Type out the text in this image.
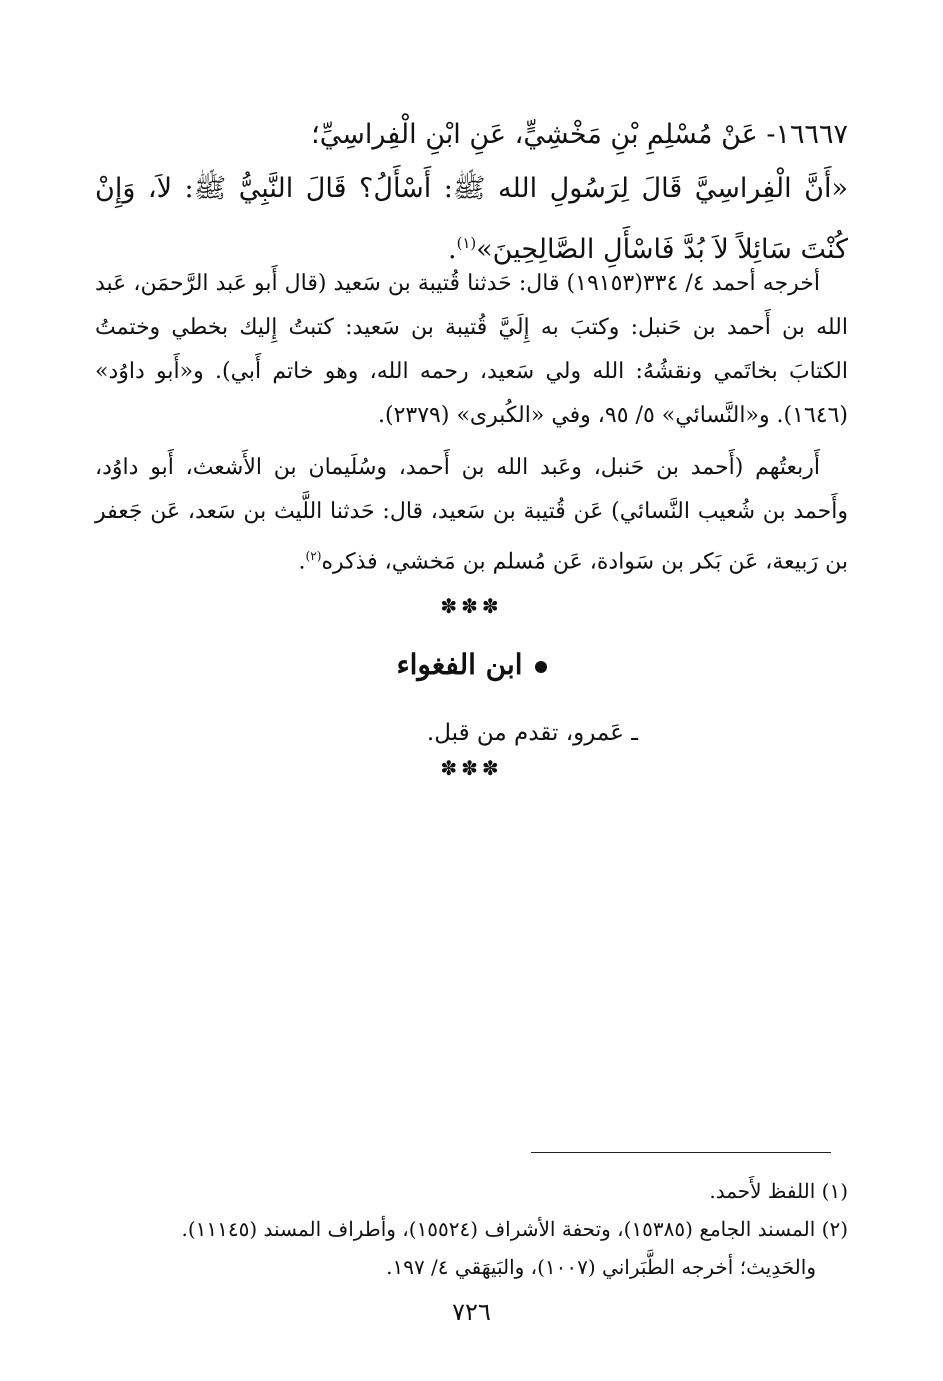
١٦٦٦٧- عَنْ مُسْلِمِ بْنِ مَخْشِيٍّ، عَنِ ابْنِ الْفِراسِيِّ؛

«أَنَّ الْفِراسِيَّ قَالَ لِرَسُولِ الله ﷺ: أَسْأَلُ؟ قَالَ النَّبِيُّ ﷺ: لاَ، وَإِنْ كُنْتَ سَائِلاً لاَ بُدَّ فَاسْأَلِ الصَّالِحِينَ»$^{(١)}$.

أخرجه أحمد ٤/ ٣٣٤(١٩١٥٣) قال: حَدثنا قُتيبة بن سَعيد (قال أَبو عَبد الرَّحمَن، عَبد الله بن أَحمد بن حَنبل: وكتبَ به إِلَيَّ قُتيبة بن سَعيد: كتبتُ إِليك بخطي وختمتُ الكتابَ بخاتَمي ونقشُهُ: الله ولي سَعيد، رحمه الله، وهو خاتم أَبي). و«أَبو داوُد» (١٦٤٦). و«النَّسائي» ٥/ ٩٥، وفي «الكُبرى» (٢٣٧٩).

أَربعتُهم (أَحمد بن حَنبل، وعَبد الله بن أَحمد، وسُلَيمان بن الأَشعث، أَبو داوُد، وأَحمد بن شُعيب النَّسائي) عَن قُتيبة بن سَعيد، قال: حَدثنا اللَّيث بن سَعد، عَن جَعفر بن رَبيعة، عَن بَكر بن سَوادة، عَن مُسلم بن مَخشي، فذكره$^{(٢)}$.

✽✽✽
ابن الفغواء
ـ عَمرو، تقدم من قبل.
✽✽✽

(١) اللفظ لأَحمد.

(٢) المسند الجامع (١٥٣٨٥)، وتحفة الأشراف (١٥٥٢٤)، وأطراف المسند (١١١٤٥).

والحَدِيث؛ أخرجه الطَّبَراني (١٠٠٧)، والبَيهَقي ٤/ ١٩٧.

٧٢٦
